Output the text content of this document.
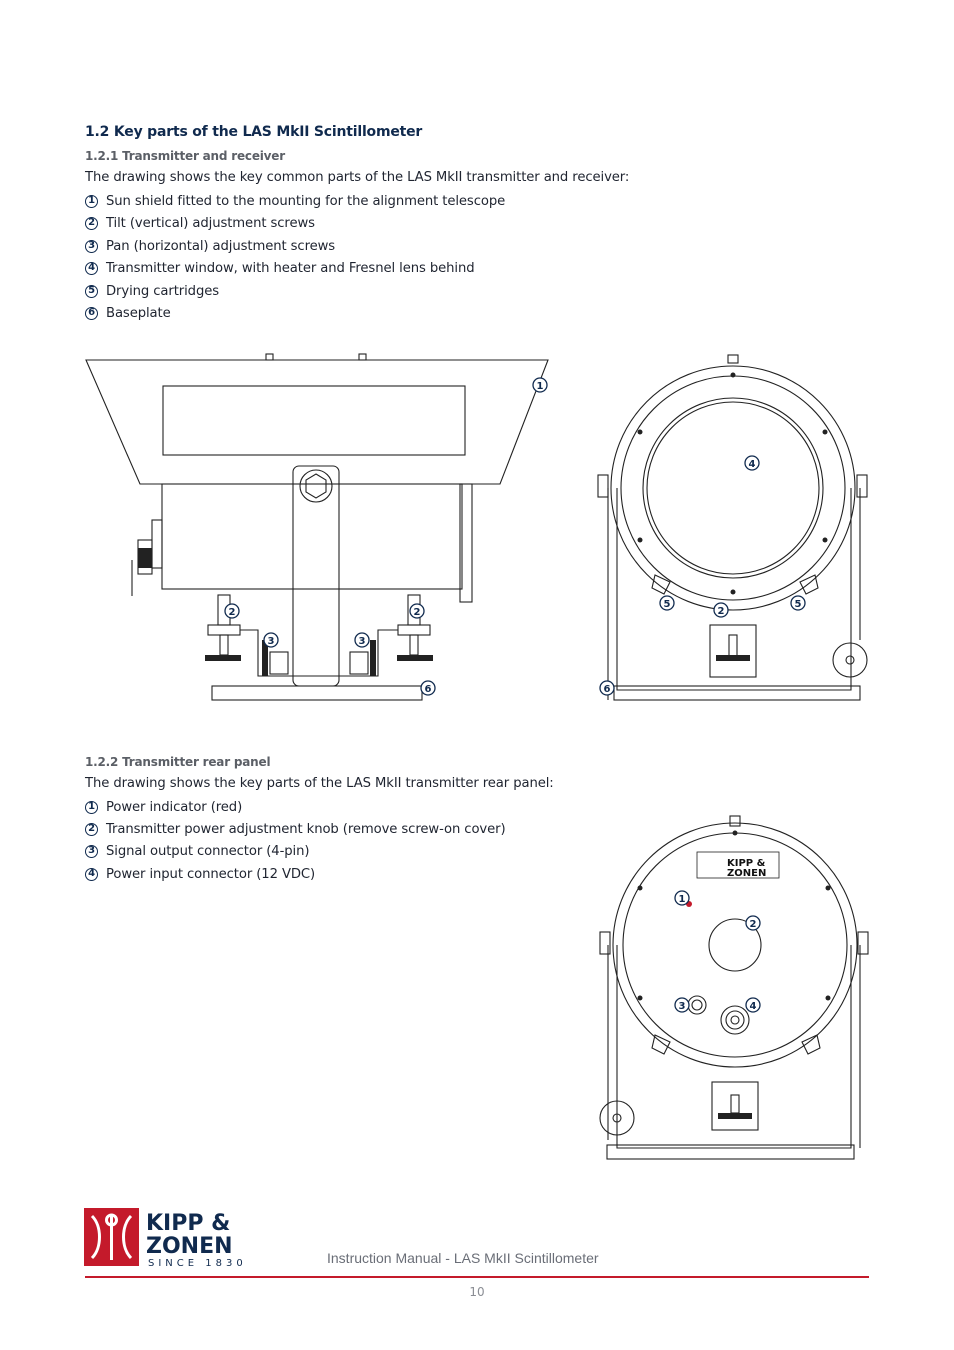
1.2 Key parts of the LAS MkII Scintillometer
1.2.1 Transmitter and receiver
The drawing shows the key common parts of the LAS MkII transmitter and receiver:
1 Sun shield fitted to the mounting for the alignment telescope
2 Tilt (vertical) adjustment screws
3 Pan (horizontal) adjustment screws
4 Transmitter window, with heater and Fresnel lens behind
5 Drying cartridges
6 Baseplate
1
2	2
3	3
6
4
5	5
2
6
1.2.2 Transmitter rear panel
The drawing shows the key parts of the LAS MkII transmitter rear panel:
1 Power indicator (red)
2 Transmitter power adjustment knob (remove screw-on cover)
3 Signal output connector (4-pin)
4 Power input connector (12 VDC)
KIPP &
ZONEN
1
2
3	4
KIPP &
ZONEN
SINCE 1830	Instruction Manual - LAS MkII Scintillometer
10
